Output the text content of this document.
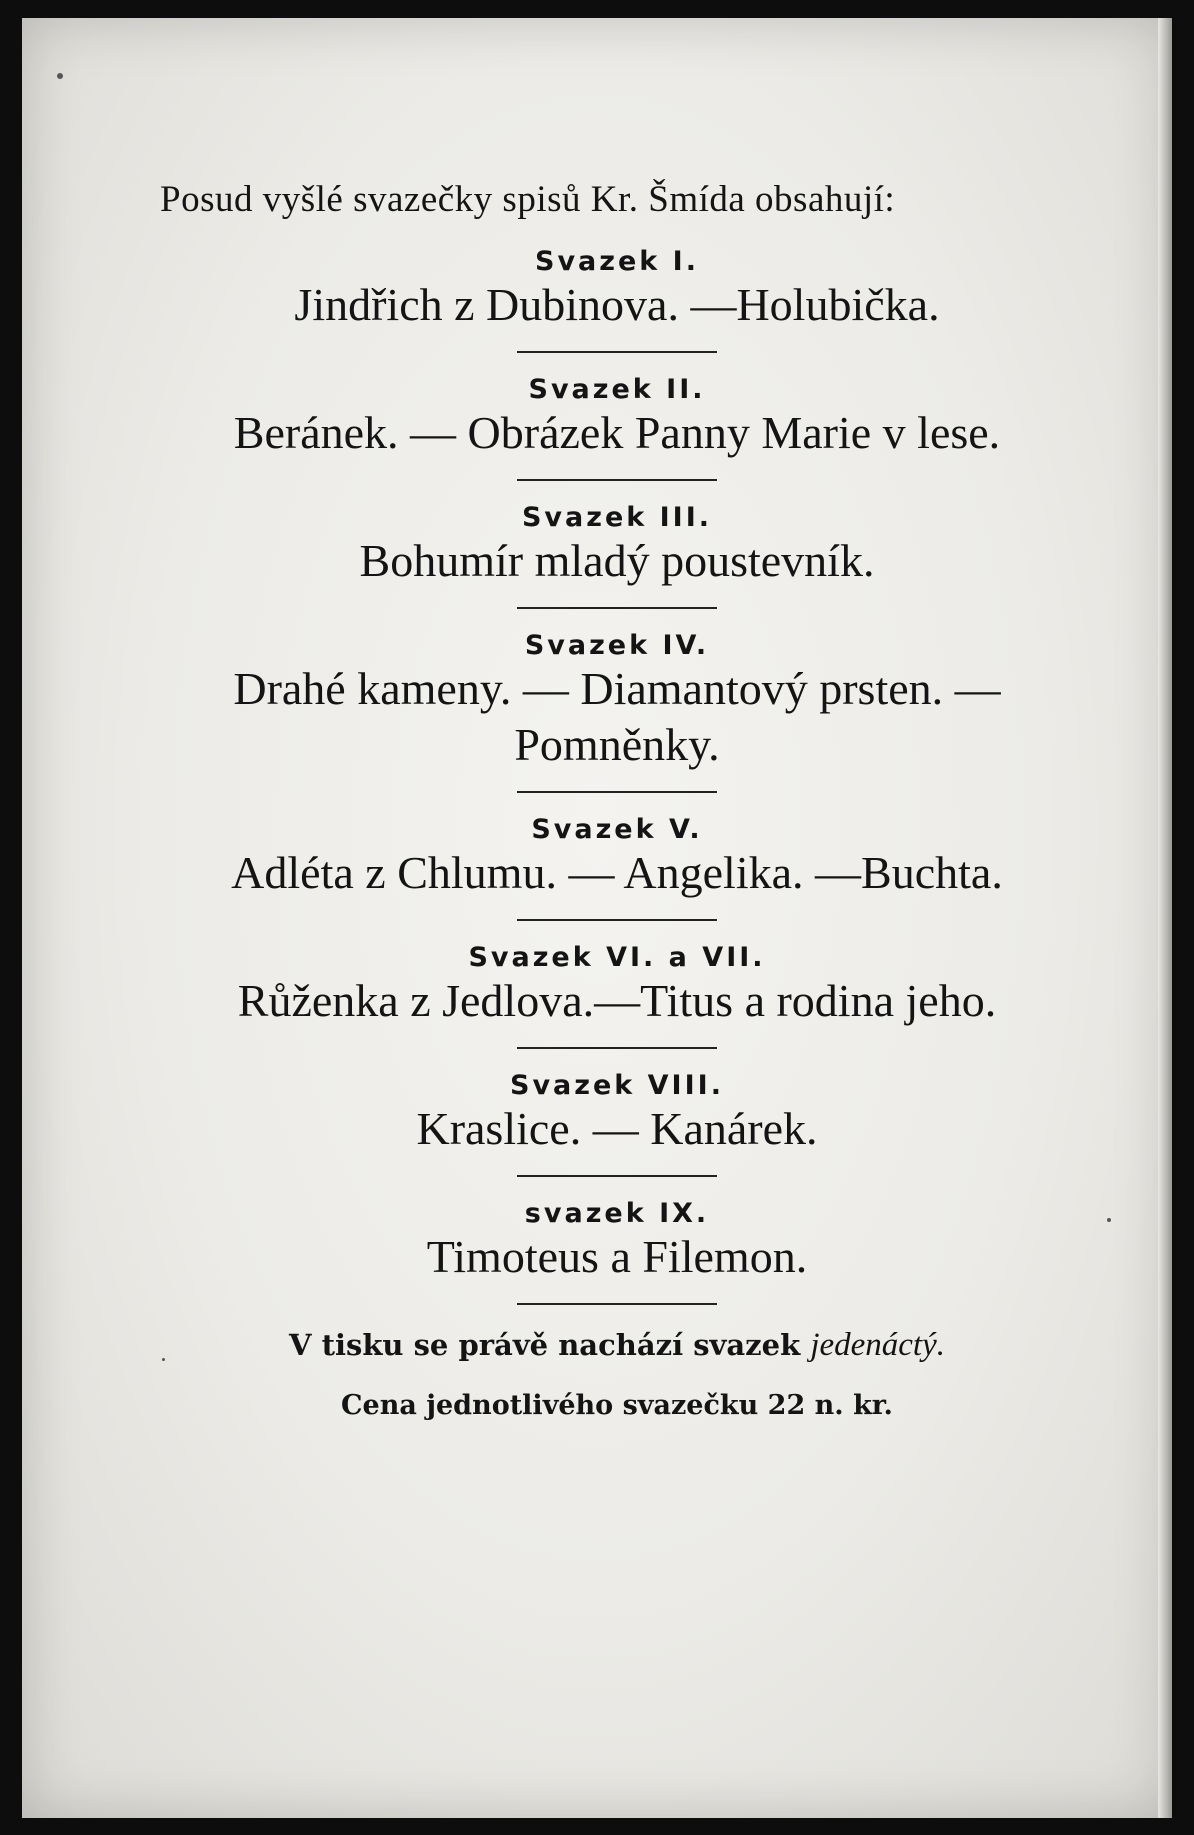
Posud vyšlé svazečky spisů Kr. Šmída obsahují:

Svazek I.

Jindřich z Dubinova. —Holubička.

Svazek II.

Beránek. — Obrázek Panny Marie v lese.

Svazek III.

Bohumír mladý poustevník.

Svazek IV.

Drahé kameny. — Diamantový prsten. — Pomněnky.

Svazek V.

Adléta z Chlumu. — Angelika. —Buchta.

Svazek VI. a VII.

Růženka z Jedlova.—Titus a rodina jeho.

Svazek VIII.

Kraslice. — Kanárek.

svazek IX.

Timoteus a Filemon.

V tisku se právě nachází svazek jedenáctý.

Cena jednotlivého svazečku 22 n. kr.
